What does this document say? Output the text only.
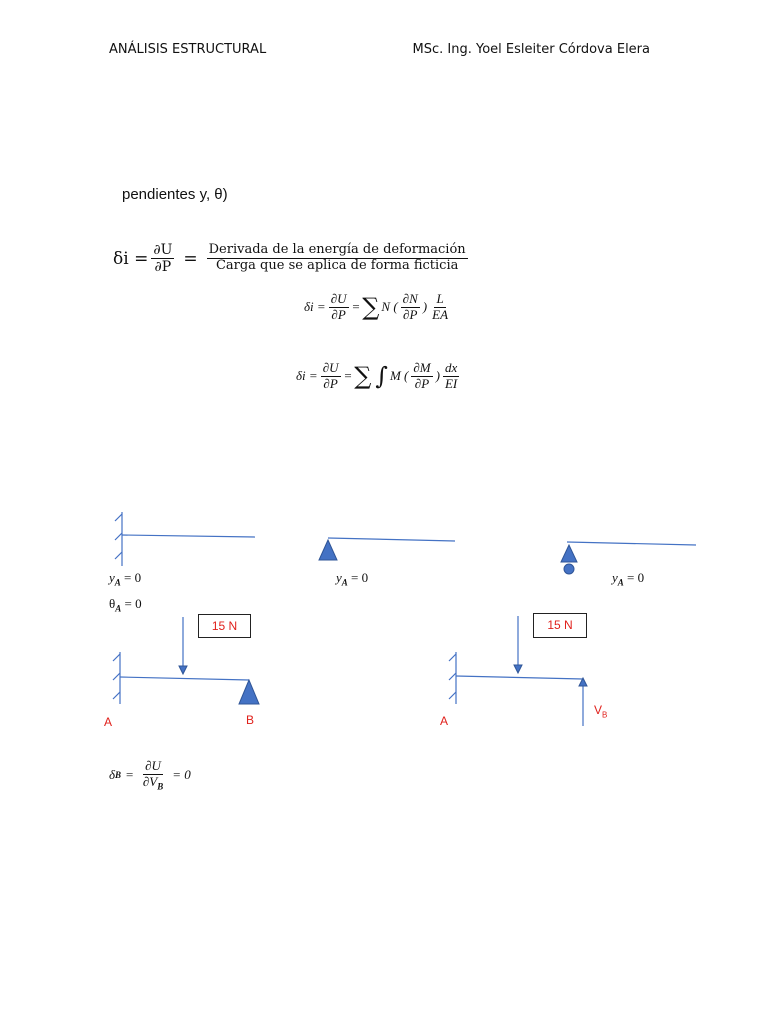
ANÁLISIS ESTRUCTURAL	MSc. Ing. Yoel Esleiter Córdova Elera
pendientes y, θ)
$\delta i = \frac{\partial U}{\partial P} = \frac{\text{Derivada de la energía de deformación}}{\text{Carga que se aplica de forma ficticia}}$
$\delta i = \frac{\partial U}{\partial P}$ = ∑ N ( $\frac{\partial N}{\partial P}$ ) $\frac{L}{EA}$
$\delta i = \frac{\partial U}{\partial P}$ = ∑ ∫ M ( $\frac{\partial M}{\partial P}$ ) $\frac{dx}{EI}$
$y_A = 0$
$\theta_A = 0$
$y_A = 0$	$y_A = 0$
15 N	15 N
A	B	A
$V_B$
δ $B = \frac{\partial U}{\partial V_B} = 0$
